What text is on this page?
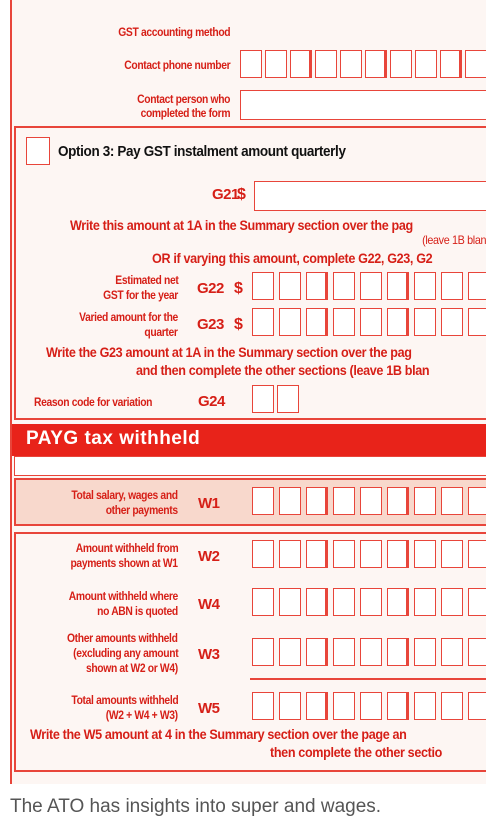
GST accounting method
Contact phone number
Contact person who
completed the form
Option 3: Pay GST instalment amount quarterly
G21
$
Write this amount at 1A in the Summary section over the pag
(leave 1B blan
OR if varying this amount, complete G22, G23, G2
Estimated net
GST for the year G22 $
Varied amount for the
quarter G23 $
Write the G23 amount at 1A in the Summary section over the pag
and then complete the other sections (leave 1B blan
Reason code for variation	G24
PAYG tax withheld
Total salary, wages and
other payments W1
Amount withheld from
payments shown at W1 W2
Amount withheld where
no ABN is quoted W4
Other amounts withheld
(excluding any amount
shown at W2 or W4)
W3
Total amounts withheld
(W2 + W4 + W3) W5
Write the W5 amount at 4 in the Summary section over the page an
then complete the other sectio
The ATO has insights into super and wages.
